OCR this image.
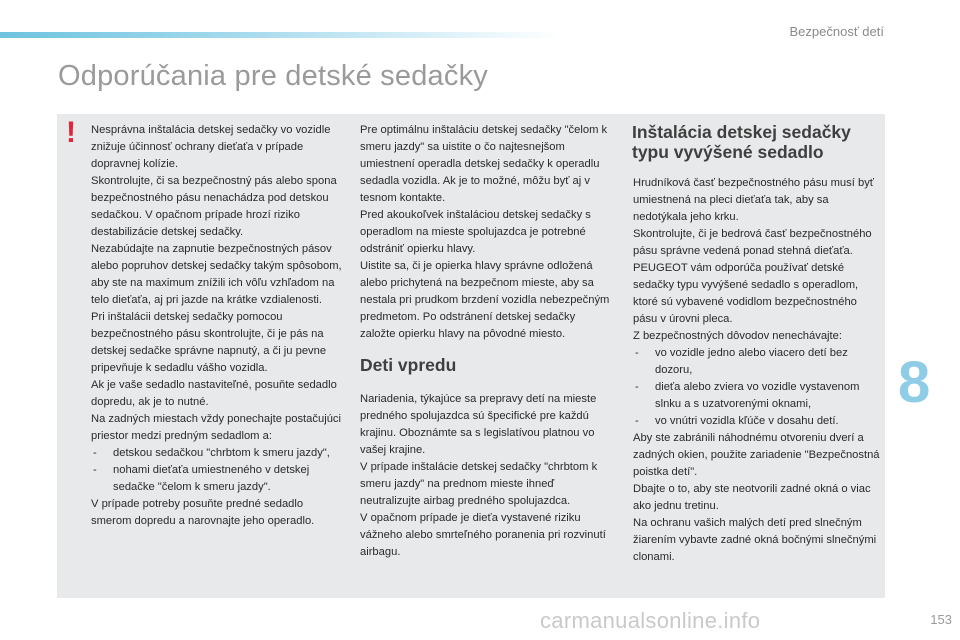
Bezpečnosť detí
Odporúčania pre detské sedačky
! Nesprávna inštalácia detskej sedačky vo vozidle znižuje účinnosť ochrany dieťaťa v prípade dopravnej kolízie.

Skontrolujte, či sa bezpečnostný pás alebo spona bezpečnostného pásu nenachádza pod detskou sedačkou. V opačnom prípade hrozí riziko destabilizácie detskej sedačky.

Nezabúdajte na zapnutie bezpečnostných pásov alebo popruhov detskej sedačky takým spôsobom, aby ste na maximum znížili ich vôľu vzhľadom na telo dieťaťa, aj pri jazde na krátke vzdialenosti.

Pri inštalácii detskej sedačky pomocou bezpečnostného pásu skontrolujte, či je pás na detskej sedačke správne napnutý, a či ju pevne pripevňuje k sedadlu vášho vozidla.

Ak je vaše sedadlo nastaviteľné, posuňte sedadlo dopredu, ak je to nutné.

Na zadných miestach vždy ponechajte postačujúci priestor medzi predným sedadlom a:

- detskou sedačkou "chrbtom k smeru jazdy",
- nohami dieťaťa umiestneného v detskej sedačke "čelom k smeru jazdy".

V prípade potreby posuňte predné sedadlo smerom dopredu a narovnajte jeho operadlo.

Pre optimálnu inštaláciu detskej sedačky "čelom k smeru jazdy" sa uistite o čo najtesnejšom umiestnení operadla detskej sedačky k operadlu sedadla vozidla. Ak je to možné, môžu byť aj v tesnom kontakte.

Pred akoukoľvek inštaláciou detskej sedačky s operadlom na mieste spolujazdca je potrebné odstrániť opierku hlavy.

Uistite sa, či je opierka hlavy správne odložená alebo prichytená na bezpečnom mieste, aby sa nestala pri prudkom brzdení vozidla nebezpečným predmetom. Po odstránení detskej sedačky založte opierku hlavy na pôvodné miesto.

Deti vpredu

Nariadenia, týkajúce sa prepravy detí na mieste predného spolujazdca sú špecifické pre každú krajinu. Oboznámte sa s legislatívou platnou vo vašej krajine.

V prípade inštalácie detskej sedačky "chrbtom k smeru jazdy" na prednom mieste ihneď neutralizujte airbag predného spolujazdca.

V opačnom prípade je dieťa vystavené riziku vážneho alebo smrteľného poranenia pri rozvinutí airbagu.

Inštalácia detskej sedačky
typu vyvýšené sedadlo

Hrudníková časť bezpečnostného pásu musí byť umiestnená na pleci dieťaťa tak, aby sa nedotýkala jeho krku.

Skontrolujte, či je bedrová časť bezpečnostného pásu správne vedená ponad stehná dieťaťa.

PEUGEOT vám odporúča používať detské sedačky typu vyvýšené sedadlo s operadlom, ktoré sú vybavené vodidlom bezpečnostného pásu v úrovni pleca.

Z bezpečnostných dôvodov nenechávajte:

- vo vozidle jedno alebo viacero detí bez dozoru,
- dieťa alebo zviera vo vozidle vystavenom slnku a s uzatvorenými oknami,
- vo vnútri vozidla kľúče v dosahu detí.

Aby ste zabránili náhodnému otvoreniu dverí a zadných okien, použite zariadenie "Bezpečnostná poistka detí".

Dbajte o to, aby ste neotvorili zadné okná o viac ako jednu tretinu.

Na ochranu vašich malých detí pred slnečným žiarením vybavte zadné okná bočnými slnečnými clonami.

8
153
carmanualsonline.info
